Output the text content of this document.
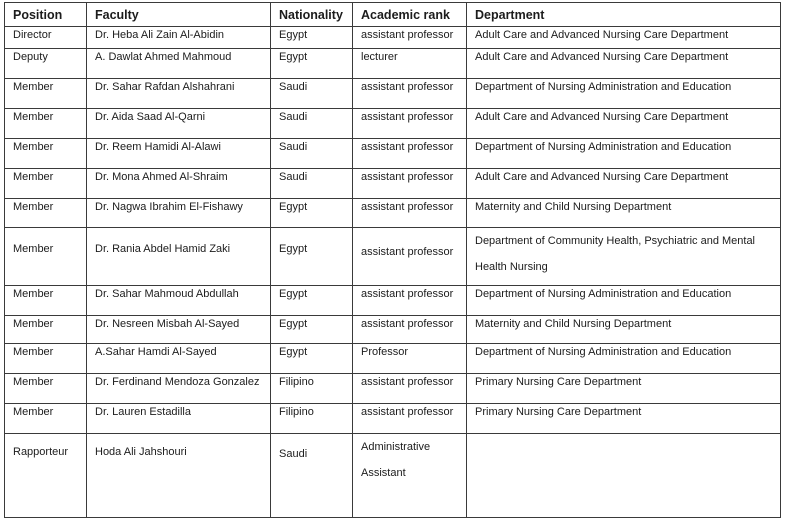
Position	Faculty	Nationality	Academic rank	Department
Director	Dr. Heba Ali Zain Al-Abidin	Egypt	assistant professor	Adult Care and Advanced Nursing Care Department
Deputy	A. Dawlat Ahmed Mahmoud	Egypt	lecturer	Adult Care and Advanced Nursing Care Department
Member	Dr. Sahar Rafdan Alshahrani	Saudi	assistant professor	Department of Nursing Administration and Education
Member	Dr. Aida Saad Al-Qarni	Saudi	assistant professor	Adult Care and Advanced Nursing Care Department
Member	Dr. Reem Hamidi Al-Alawi	Saudi	assistant professor	Department of Nursing Administration and Education
Member	Dr. Mona Ahmed Al-Shraim	Saudi	assistant professor	Adult Care and Advanced Nursing Care Department
Member	Dr. Nagwa Ibrahim El-Fishawy	Egypt	assistant professor	Maternity and Child Nursing Department
Member	Dr. Rania Abdel Hamid Zaki	Egypt	assistant professor	Department of Community Health, Psychiatric and Mental Health Nursing
Member	Dr. Sahar Mahmoud Abdullah	Egypt	assistant professor	Department of Nursing Administration and Education
Member	Dr. Nesreen Misbah Al-Sayed	Egypt	assistant professor	Maternity and Child Nursing Department
Member	A.Sahar Hamdi Al-Sayed	Egypt	Professor	Department of Nursing Administration and Education
Member	Dr. Ferdinand Mendoza Gonzalez	Filipino	assistant professor	Primary Nursing Care Department
Member	Dr. Lauren Estadilla	Filipino	assistant professor	Primary Nursing Care Department
Rapporteur	Hoda Ali Jahshouri	Saudi	Administrative Assistant	
